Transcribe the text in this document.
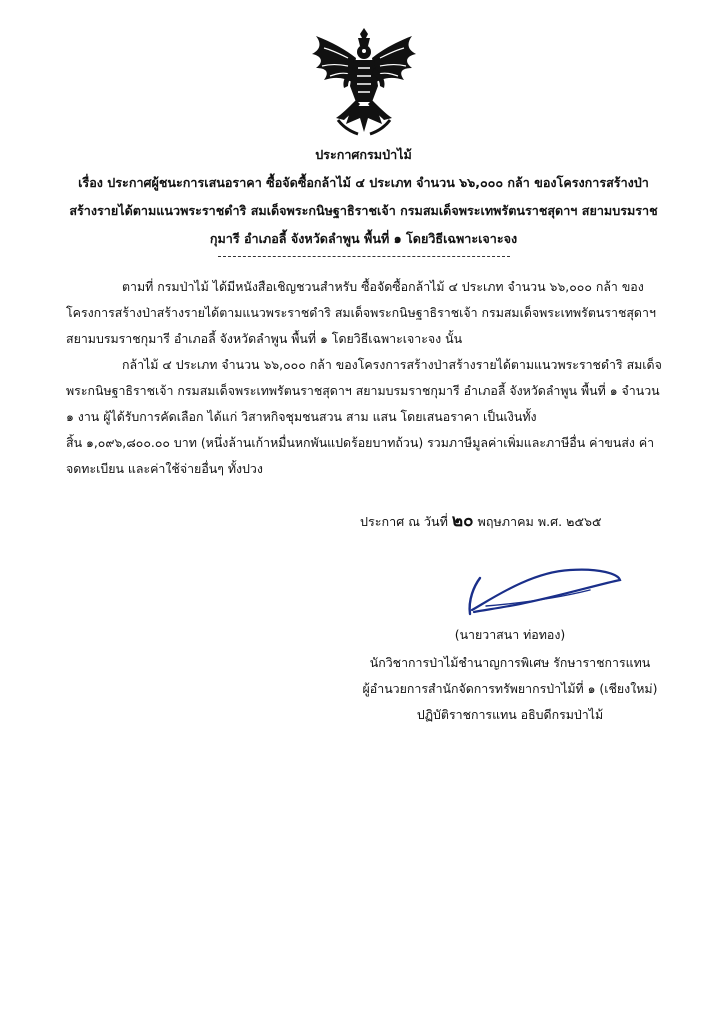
ประกาศกรมป่าไม้
เรื่อง ประกาศผู้ชนะการเสนอราคา ซื้อจัดซื้อกล้าไม้ ๔ ประเภท จำนวน ๖๖,๐๐๐ กล้า ของโครงการสร้างป่า
สร้างรายได้ตามแนวพระราชดำริ สมเด็จพระกนิษฐาธิราชเจ้า กรมสมเด็จพระเทพรัตนราชสุดาฯ สยามบรมราช
กุมารี อำเภอลี้ จังหวัดลำพูน พื้นที่ ๑ โดยวิธีเฉพาะเจาะจง
ตามที่ กรมป่าไม้ ได้มีหนังสือเชิญชวนสำหรับ ซื้อจัดซื้อกล้าไม้ ๔ ประเภท จำนวน ๖๖,๐๐๐ กล้า ของ
โครงการสร้างป่าสร้างรายได้ตามแนวพระราชดำริ สมเด็จพระกนิษฐาธิราชเจ้า กรมสมเด็จพระเทพรัตนราชสุดาฯ
สยามบรมราชกุมารี อำเภอลี้ จังหวัดลำพูน พื้นที่ ๑ โดยวิธีเฉพาะเจาะจง นั้น
กล้าไม้ ๔ ประเภท จำนวน ๖๖,๐๐๐ กล้า ของโครงการสร้างป่าสร้างรายได้ตามแนวพระราชดำริ สมเด็จ
พระกนิษฐาธิราชเจ้า กรมสมเด็จพระเทพรัตนราชสุดาฯ สยามบรมราชกุมารี อำเภอลี้ จังหวัดลำพูน พื้นที่ ๑ จำนวน
๑ งาน ผู้ได้รับการคัดเลือก ได้แก่ วิสาหกิจชุมชนสวน สาม แสน โดยเสนอราคา เป็นเงินทั้ง
สิ้น ๑,๐๙๖,๘๐๐.๐๐ บาท (หนึ่งล้านเก้าหมื่นหกพันแปดร้อยบาทถ้วน) รวมภาษีมูลค่าเพิ่มและภาษีอื่น ค่าขนส่ง ค่า
จดทะเบียน และค่าใช้จ่ายอื่นๆ ทั้งปวง
ประกาศ ณ วันที่ ๒๐ พฤษภาคม พ.ศ. ๒๕๖๕
(นายวาสนา ท่อทอง)
นักวิชาการป่าไม้ชำนาญการพิเศษ รักษาราชการแทน
ผู้อำนวยการสำนักจัดการทรัพยากรป่าไม้ที่ ๑ (เชียงใหม่)
ปฏิบัติราชการแทน อธิบดีกรมป่าไม้
